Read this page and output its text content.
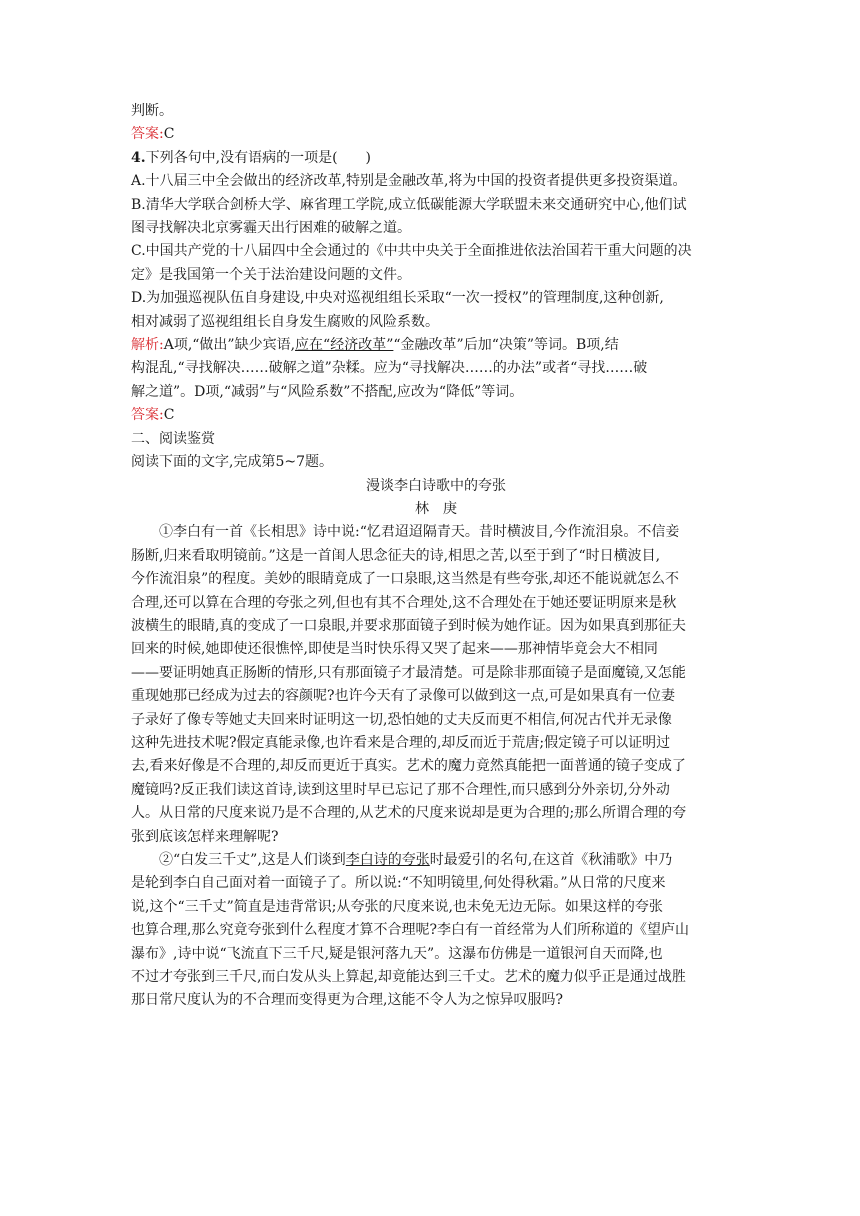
判断。
答案:C
4.下列各句中,没有语病的一项是(　　)
A.十八届三中全会做出的经济改革,特别是金融改革,将为中国的投资者提供更多投资渠道。
B.清华大学联合剑桥大学、麻省理工学院,成立低碳能源大学联盟未来交通研究中心,他们试
图寻找解决北京雾霾天出行困难的破解之道。
C.中国共产党的十八届四中全会通过的《中共中央关于全面推进依法治国若干重大问题的决
定》是我国第一个关于法治建设问题的文件。
D.为加强巡视队伍自身建设,中央对巡视组组长采取“一次一授权”的管理制度,这种创新,
相对减弱了巡视组组长自身发生腐败的风险系数。
解析:A项,“做出”缺少宾语,应在“经济改革”“金融改革”后加“决策”等词。B项,结
构混乱,“寻找解决……破解之道”杂糅。应为“寻找解决……的办法”或者“寻找……破
解之道”。D项,“减弱”与“风险系数”不搭配,应改为“降低”等词。
答案:C
二、阅读鉴赏
阅读下面的文字,完成第5~7题。
漫谈李白诗歌中的夸张
林　庚
①李白有一首《长相思》诗中说:“忆君迢迢隔青天。昔时横波目,今作流泪泉。不信妾
肠断,归来看取明镜前。”这是一首闺人思念征夫的诗,相思之苦,以至于到了“时日横波目,
今作流泪泉”的程度。美妙的眼睛竟成了一口泉眼,这当然是有些夸张,却还不能说就怎么不
合理,还可以算在合理的夸张之列,但也有其不合理处,这不合理处在于她还要证明原来是秋
波横生的眼睛,真的变成了一口泉眼,并要求那面镜子到时候为她作证。因为如果真到那征夫
回来的时候,她即使还很憔悴,即使是当时快乐得又哭了起来——那神情毕竟会大不相同
——要证明她真正肠断的情形,只有那面镜子才最清楚。可是除非那面镜子是面魔镜,又怎能
重现她那已经成为过去的容颜呢?也许今天有了录像可以做到这一点,可是如果真有一位妻
子录好了像专等她丈夫回来时证明这一切,恐怕她的丈夫反而更不相信,何况古代并无录像
这种先进技术呢?假定真能录像,也许看来是合理的,却反而近于荒唐;假定镜子可以证明过
去,看来好像是不合理的,却反而更近于真实。艺术的魔力竟然真能把一面普通的镜子变成了
魔镜吗?反正我们读这首诗,读到这里时早已忘记了那不合理性,而只感到分外亲切,分外动
人。从日常的尺度来说乃是不合理的,从艺术的尺度来说却是更为合理的;那么所谓合理的夸
张到底该怎样来理解呢?
②“白发三千丈”,这是人们谈到李白诗的夸张时最爱引的名句,在这首《秋浦歌》中乃
是轮到李白自己面对着一面镜子了。所以说:“不知明镜里,何处得秋霜。”从日常的尺度来
说,这个“三千丈”简直是违背常识;从夸张的尺度来说,也未免无边无际。如果这样的夸张
也算合理,那么究竟夸张到什么程度才算不合理呢?李白有一首经常为人们所称道的《望庐山
瀑布》,诗中说“飞流直下三千尺,疑是银河落九天”。这瀑布仿佛是一道银河自天而降,也
不过才夸张到三千尺,而白发从头上算起,却竟能达到三千丈。艺术的魔力似乎正是通过战胜
那日常尺度认为的不合理而变得更为合理,这能不令人为之惊异叹服吗?
